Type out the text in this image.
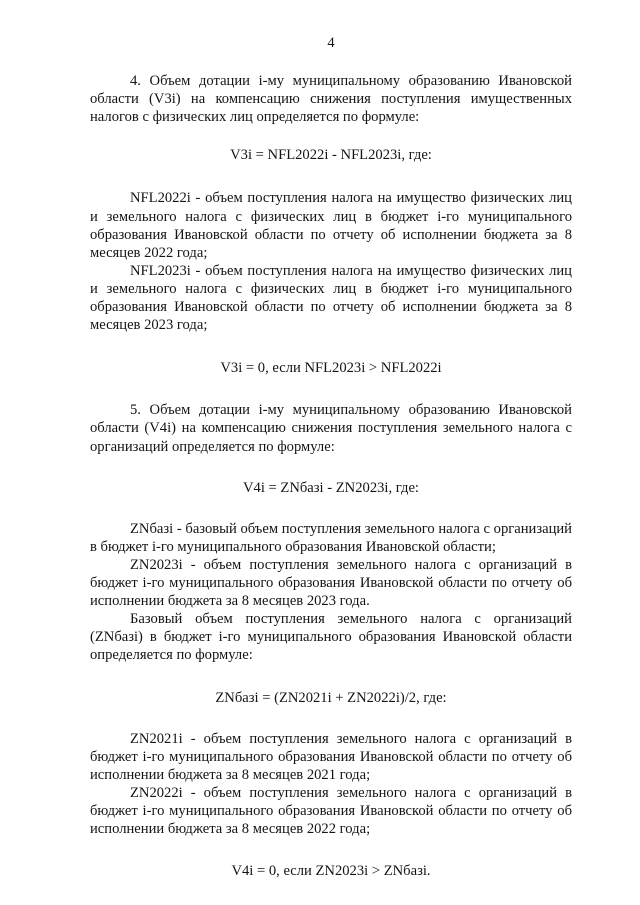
4

4. Объем дотации i-му муниципальному образованию Ивановской области (V3i) на компенсацию снижения поступления имущественных налогов с физических лиц определяется по формуле:

V3i = NFL2022i - NFL2023i, где:

NFL2022i - объем поступления налога на имущество физических лиц и земельного налога с физических лиц в бюджет i-го муниципального образования Ивановской области по отчету об исполнении бюджета за 8 месяцев 2022 года;

NFL2023i - объем поступления налога на имущество физических лиц и земельного налога с физических лиц в бюджет i-го муниципального образования Ивановской области по отчету об исполнении бюджета за 8 месяцев 2023 года;

V3i = 0, если NFL2023i > NFL2022i

5. Объем дотации i-му муниципальному образованию Ивановской области (V4i) на компенсацию снижения поступления земельного налога с организаций определяется по формуле:

V4i = ZNбазi - ZN2023i, где:

ZNбазi - базовый объем поступления земельного налога с организаций в бюджет i-го муниципального образования Ивановской области;

ZN2023i - объем поступления земельного налога с организаций в бюджет i-го муниципального образования Ивановской области по отчету об исполнении бюджета за 8 месяцев 2023 года.

Базовый объем поступления земельного налога с организаций (ZNбазi) в бюджет i-го муниципального образования Ивановской области определяется по формуле:

ZNбазi = (ZN2021i + ZN2022i)/2, где:

ZN2021i - объем поступления земельного налога с организаций в бюджет i-го муниципального образования Ивановской области по отчету об исполнении бюджета за 8 месяцев 2021 года;

ZN2022i - объем поступления земельного налога с организаций в бюджет i-го муниципального образования Ивановской области по отчету об исполнении бюджета за 8 месяцев 2022 года;

V4i = 0, если ZN2023i > ZNбазi.
